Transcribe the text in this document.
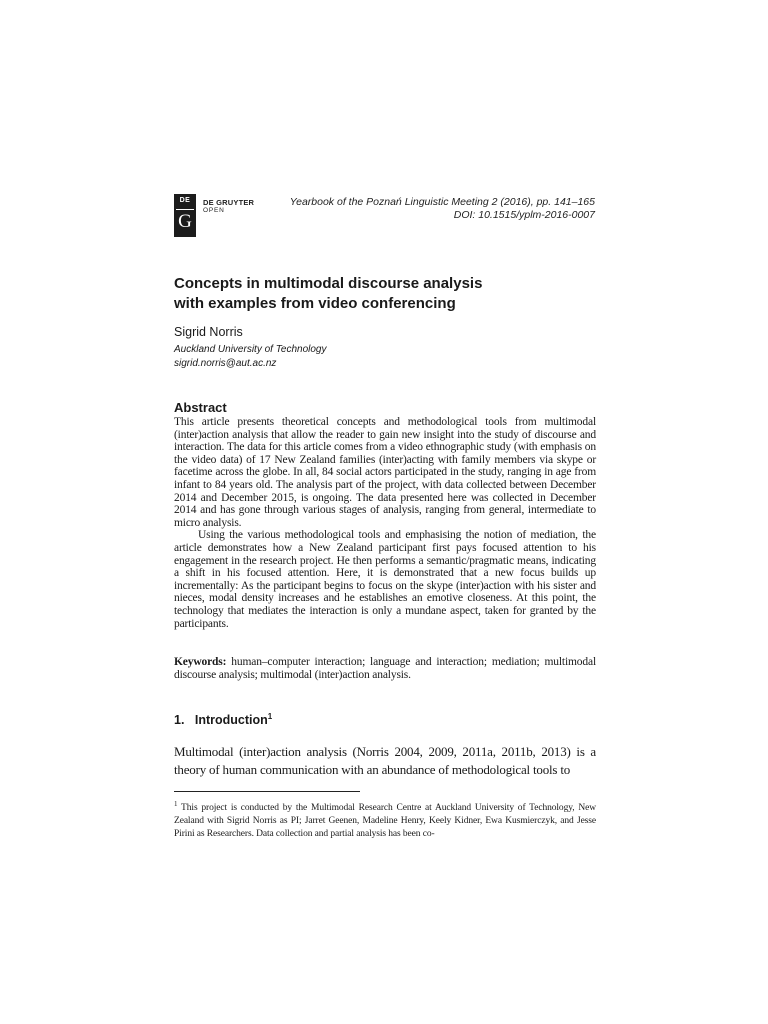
DE
G
DE GRUYTER
OPEN
Yearbook of the Poznań Linguistic Meeting 2 (2016), pp. 141–165
DOI: 10.1515/yplm-2016-0007
Concepts in multimodal discourse analysis
with examples from video conferencing
Sigrid Norris
Auckland University of Technology
sigrid.norris@aut.ac.nz
Abstract

This article presents theoretical concepts and methodological tools from multimodal (inter)action analysis that allow the reader to gain new insight into the study of discourse and interaction. The data for this article comes from a video ethnographic study (with emphasis on the video data) of 17 New Zealand families (inter)acting with family members via skype or facetime across the globe. In all, 84 social actors participated in the study, ranging in age from infant to 84 years old. The analysis part of the project, with data collected between December 2014 and December 2015, is ongoing. The data presented here was collected in December 2014 and has gone through various stages of analysis, ranging from general, intermediate to micro analysis.

Using the various methodological tools and emphasising the notion of mediation, the article demonstrates how a New Zealand participant first pays focused attention to his engagement in the research project. He then performs a semantic/pragmatic means, indicating a shift in his focused attention. Here, it is demonstrated that a new focus builds up incrementally: As the participant begins to focus on the skype (inter)action with his sister and nieces, modal density increases and he establishes an emotive closeness. At this point, the technology that mediates the interaction is only a mundane aspect, taken for granted by the participants.

Keywords: human–computer interaction; language and interaction; mediation; multimodal discourse analysis; multimodal (inter)action analysis.
1. Introduction$^1$
Multimodal (inter)action analysis (Norris 2004, 2009, 2011a, 2011b, 2013) is a theory of human communication with an abundance of methodological tools to
$^1$ This project is conducted by the Multimodal Research Centre at Auckland University of Technology, New Zealand with Sigrid Norris as PI; Jarret Geenen, Madeline Henry, Keely Kidner, Ewa Kusmierczyk, and Jesse Pirini as Researchers. Data collection and partial analysis has been co-
